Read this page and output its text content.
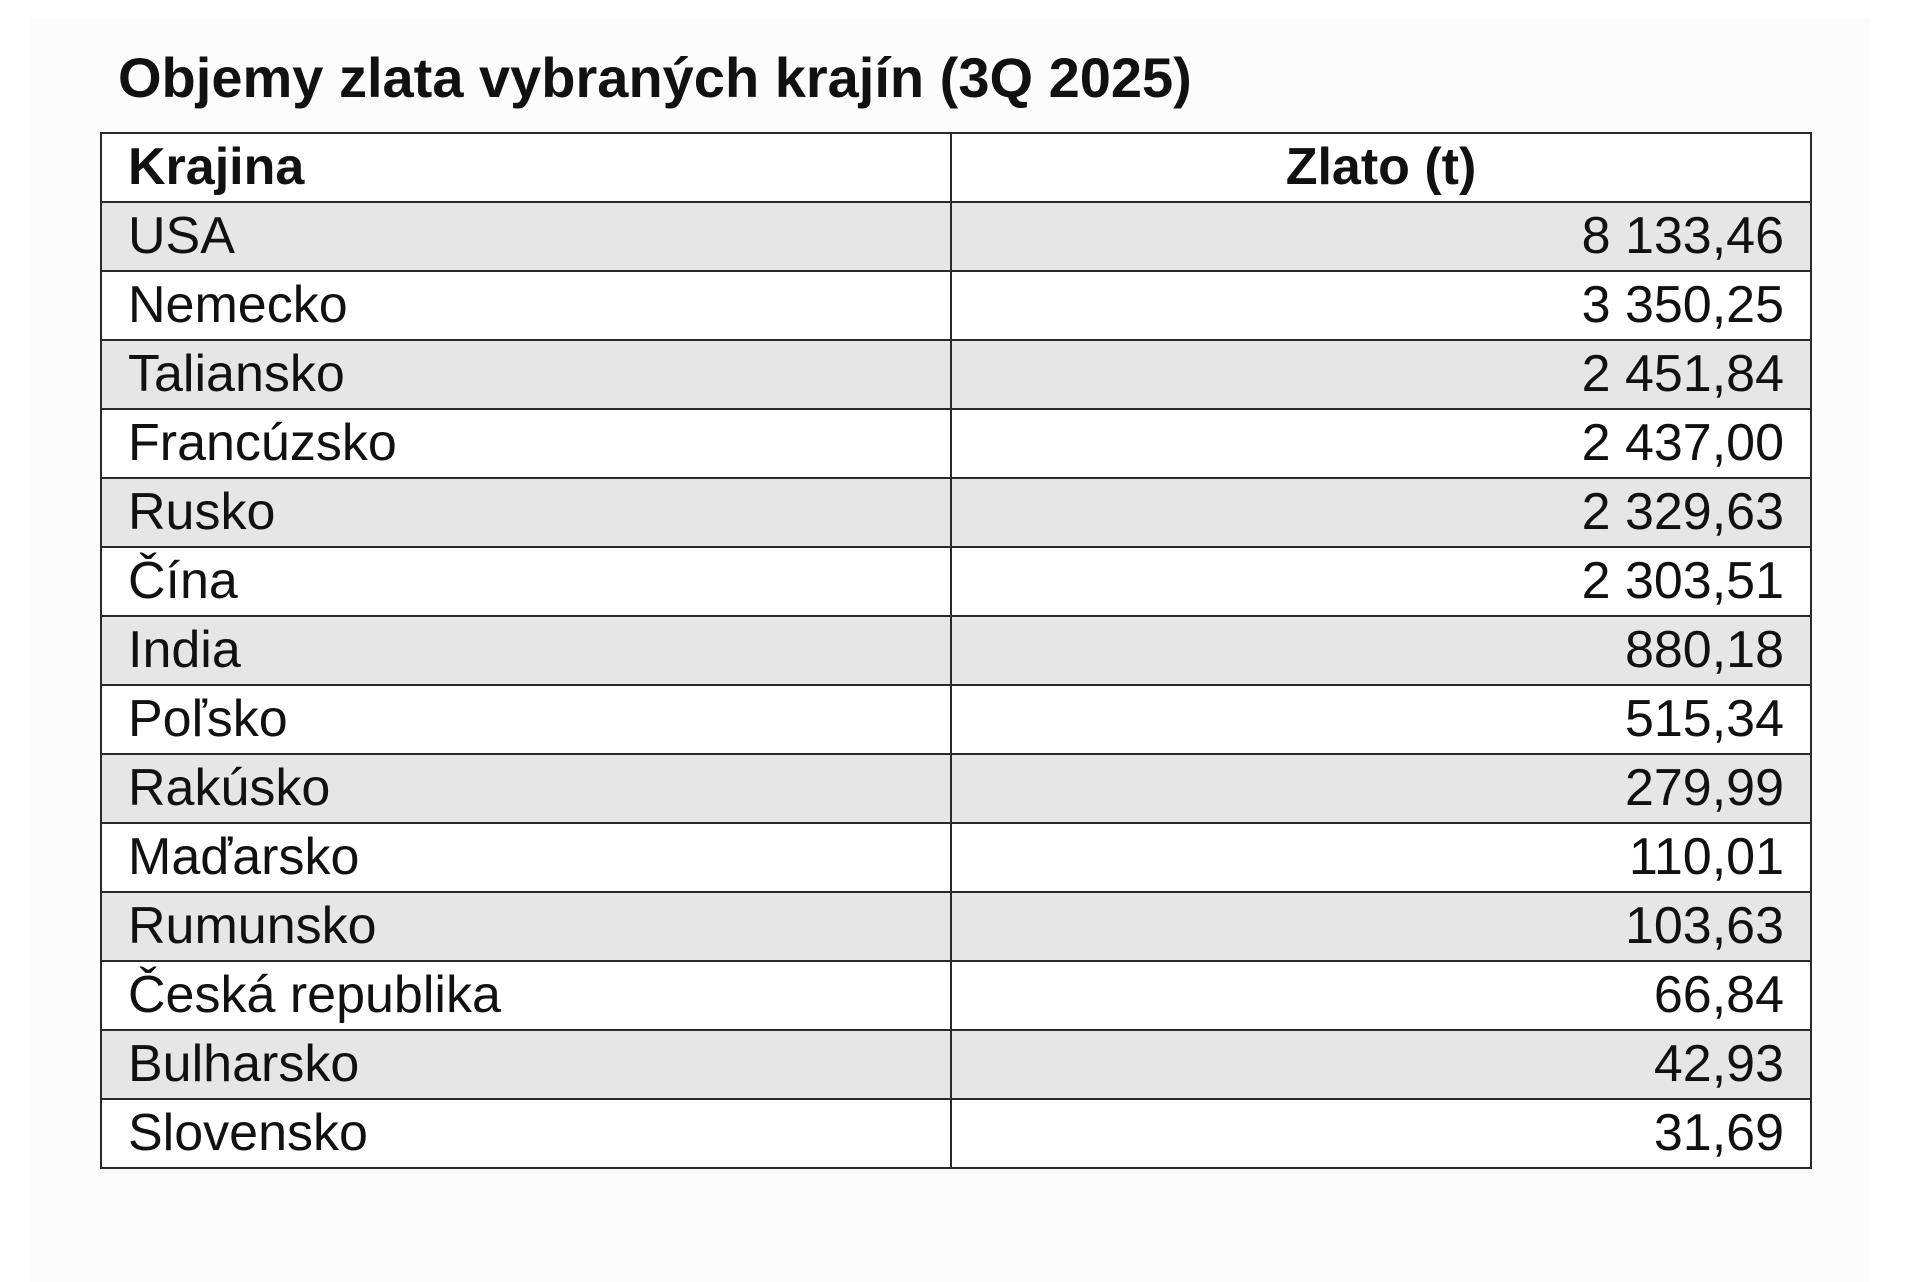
Objemy zlata vybraných krajín (3Q 2025)
Krajina	Zlato (t)
USA	8 133,46
Nemecko	3 350,25
Taliansko	2 451,84
Francúzsko	2 437,00
Rusko	2 329,63
Čína	2 303,51
India	880,18
Poľsko	515,34
Rakúsko	279,99
Maďarsko	110,01
Rumunsko	103,63
Česká republika	66,84
Bulharsko	42,93
Slovensko	31,69
